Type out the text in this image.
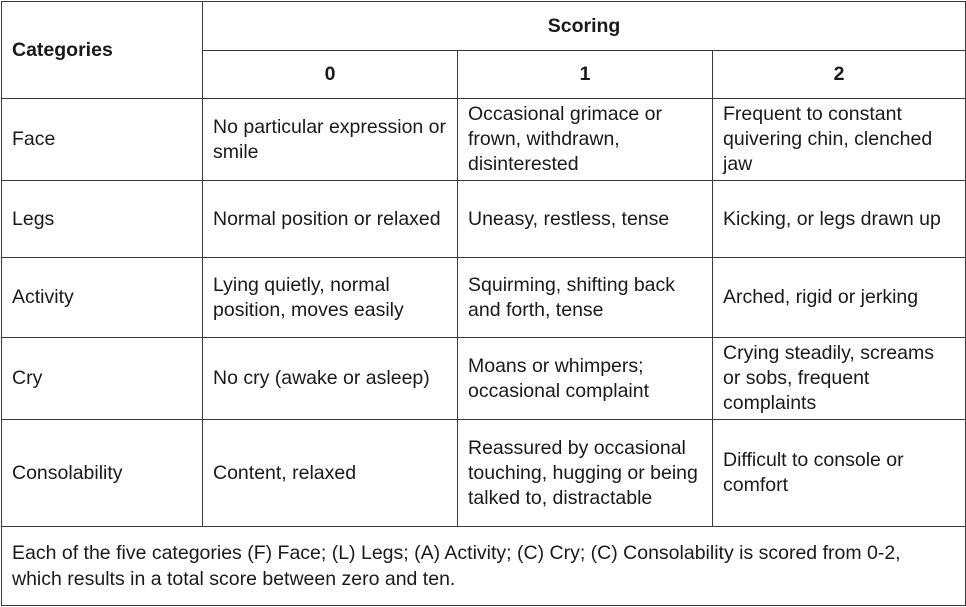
Categories	Scoring		
	0	1	2
Face	No particular expression or smile	Occasional grimace or frown, withdrawn, disinterested	Frequent to constant quivering chin, clenched jaw
Legs	Normal position or relaxed	Uneasy, restless, tense	Kicking, or legs drawn up
Activity	Lying quietly, normal position, moves easily	Squirming, shifting back and forth, tense	Arched, rigid or jerking
Cry	No cry (awake or asleep)	Moans or whimpers; occasional complaint	Crying steadily, screams or sobs, frequent complaints
Consolability	Content, relaxed	Reassured by occasional touching, hugging or being talked to, distractable	Difficult to console or comfort
Each of the five categories (F) Face; (L) Legs; (A) Activity; (C) Cry; (C) Consolability is scored from 0-2, which results in a total score between zero and ten.			
